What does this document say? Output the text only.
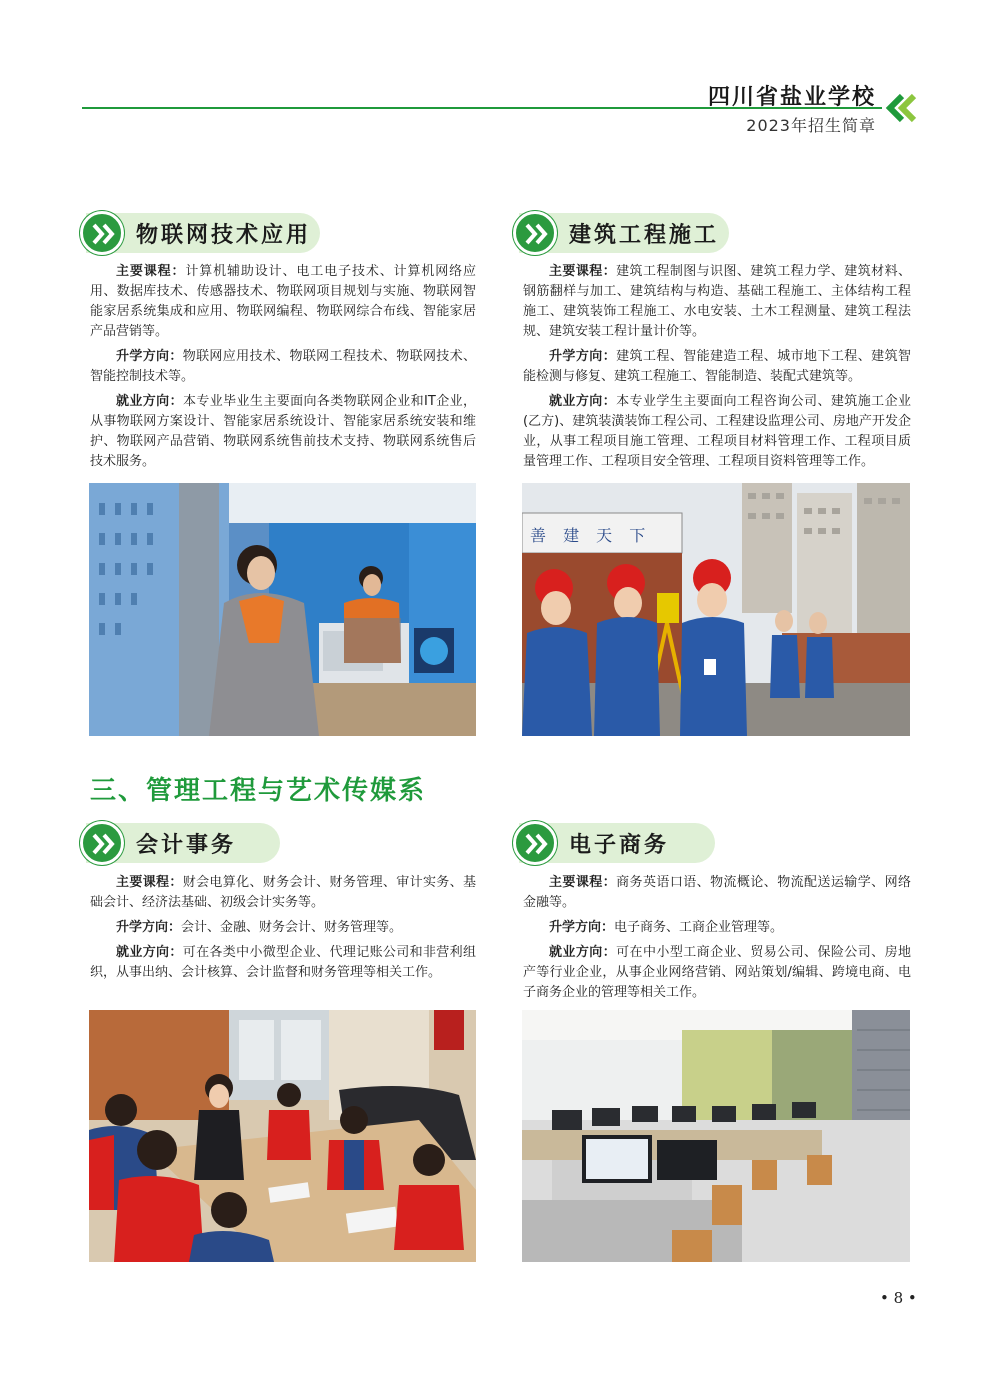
四川省盐业学校
2023年招生简章
物联网技术应用

主要课程：计算机辅助设计、电工电子技术、计算机网络应用、数据库技术、传感器技术、物联网项目规划与实施、物联网智能家居系统集成和应用、物联网编程、物联网综合布线、智能家居产品营销等。

升学方向：物联网应用技术、物联网工程技术、物联网技术、智能控制技术等。

就业方向：本专业毕业生主要面向各类物联网企业和IT企业，从事物联网方案设计、智能家居系统设计、智能家居系统安装和维护、物联网产品营销、物联网系统售前技术支持、物联网系统售后技术服务。

建筑工程施工

主要课程：建筑工程制图与识图、建筑工程力学、建筑材料、钢筋翻样与加工、建筑结构与构造、基础工程施工、主体结构工程施工、建筑装饰工程施工、水电安装、土木工程测量、建筑工程法规、建筑安装工程计量计价等。

升学方向：建筑工程、智能建造工程、城市地下工程、建筑智能检测与修复、建筑工程施工、智能制造、装配式建筑等。

就业方向：本专业学生主要面向工程咨询公司、建筑施工企业(乙方)、建筑装潢装饰工程公司、工程建设监理公司、房地产开发企业，从事工程项目施工管理、工程项目材料管理工作、工程项目质量管理工作、工程项目安全管理、工程项目资料管理等工作。

善 建 天 下
三、管理工程与艺术传媒系
会计事务

主要课程：财会电算化、财务会计、财务管理、审计实务、基础会计、经济法基础、初级会计实务等。

升学方向：会计、金融、财务会计、财务管理等。

就业方向：可在各类中小微型企业、代理记账公司和非营利组织，从事出纳、会计核算、会计监督和财务管理等相关工作。

电子商务

主要课程：商务英语口语、物流概论、物流配送运输学、网络金融等。

升学方向：电子商务、工商企业管理等。

就业方向：可在中小型工商企业、贸易公司、保险公司、房地产等行业企业，从事企业网络营销、网站策划/编辑、跨境电商、电子商务企业的管理等相关工作。

• 8 •
